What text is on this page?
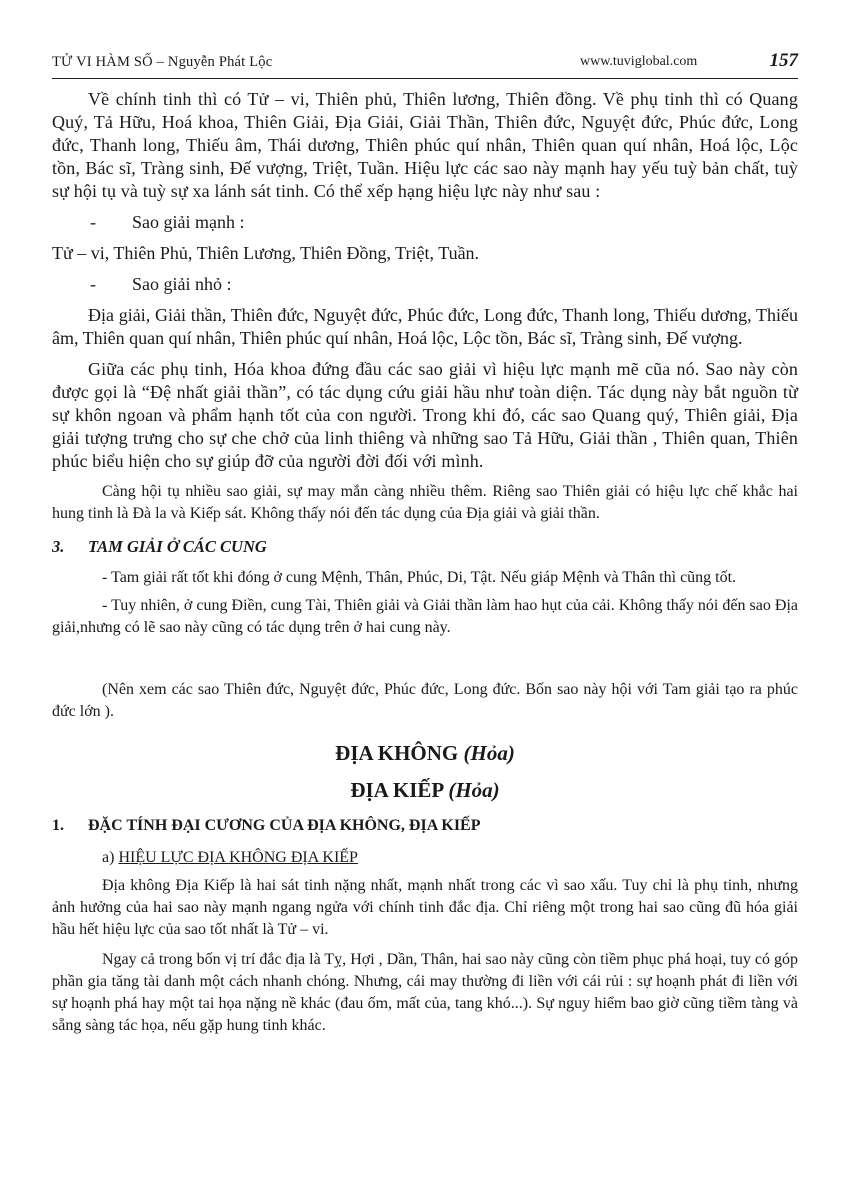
TỬ VI HÀM SỐ – Nguyễn Phát Lộc	www.tuviglobal.com	157

Về chính tinh thì có Tử – vi, Thiên phủ, Thiên lương, Thiên đồng. Về phụ tinh thì có Quang Quý, Tả Hữu, Hoá khoa, Thiên Giải, Địa Giải, Giải Thần, Thiên đức, Nguyệt đức, Phúc đức, Long đức, Thanh long, Thiếu âm, Thái dương, Thiên phúc quí nhân, Thiên quan quí nhân, Hoá lộc, Lộc tồn, Bác sĩ, Tràng sinh, Đế vượng, Triệt, Tuần. Hiệu lực các sao này mạnh hay yếu tuỳ bản chất, tuỳ sự hội tụ và tuỳ sự xa lánh sát tinh. Có thể xếp hạng hiệu lực này như sau :

- Sao giải mạnh :

Tử – vi, Thiên Phủ, Thiên Lương, Thiên Đồng, Triệt, Tuần.

- Sao giải nhỏ :

Địa giải, Giải thần, Thiên đức, Nguyệt đức, Phúc đức, Long đức, Thanh long, Thiếu dương, Thiếu âm, Thiên quan quí nhân, Thiên phúc quí nhân, Hoá lộc, Lộc tồn, Bác sĩ, Tràng sinh, Đế vượng.

Giữa các phụ tinh, Hóa khoa đứng đầu các sao giải vì hiệu lực mạnh mẽ cũa nó. Sao này còn được gọi là “Đệ nhất giải thần”, có tác dụng cứu giải hầu như toàn diện. Tác dụng này bắt nguồn từ sự khôn ngoan và phẩm hạnh tốt của con người. Trong khi đó, các sao Quang quý, Thiên giải, Địa giải tượng trưng cho sự che chở của linh thiêng và những sao Tả Hữu, Giải thần , Thiên quan, Thiên phúc biểu hiện cho sự giúp đỡ của người đời đối với mình.

Càng hội tụ nhiều sao giải, sự may mắn càng nhiều thêm. Riêng sao Thiên giải có hiệu lực chế khắc hai hung tinh là Đà la và Kiếp sát. Không thấy nói đến tác dụng của Địa giải và giải thần.

3. TAM GIẢI Ở CÁC CUNG

- Tam giải rất tốt khi đóng ở cung Mệnh, Thân, Phúc, Di, Tật. Nếu giáp Mệnh và Thân thì cũng tốt.

- Tuy nhiên, ở cung Điền, cung Tài, Thiên giải và Giải thần làm hao hụt của cải. Không thấy nói đến sao Địa giải,nhưng có lẽ sao này cũng có tác dụng trên ở hai cung này.

(Nên xem các sao Thiên đức, Nguyệt đức, Phúc đức, Long đức. Bốn sao này hội với Tam giải tạo ra phúc đức lớn ).

ĐỊA KHÔNG (Hỏa)
ĐỊA KIẾP (Hỏa)
1. ĐẶC TÍNH ĐẠI CƯƠNG CỦA ĐỊA KHÔNG, ĐỊA KIẾP
a) HIỆU LỰC ĐỊA KHÔNG ĐỊA KIẾP

Địa không Địa Kiếp là hai sát tinh nặng nhất, mạnh nhất trong các vì sao xấu. Tuy chỉ là phụ tinh, nhưng ảnh hưởng của hai sao này mạnh ngang ngửa với chính tinh đắc địa. Chỉ riêng một trong hai sao cũng đũ hóa giải hầu hết hiệu lực của sao tốt nhất là Tử – vi.

Ngay cả trong bốn vị trí đắc địa là Tỵ, Hợi , Dần, Thân, hai sao này cũng còn tiềm phục phá hoại, tuy có góp phần gia tăng tài danh một cách nhanh chóng. Nhưng, cái may thường đi liền với cái rủi : sự hoạnh phát đi liền với sự hoạnh phá hay một tai họa nặng nề khác (đau ốm, mất của, tang khó...). Sự nguy hiểm bao giờ cũng tiềm tàng và sẵng sàng tác họa, nếu gặp hung tinh khác.
